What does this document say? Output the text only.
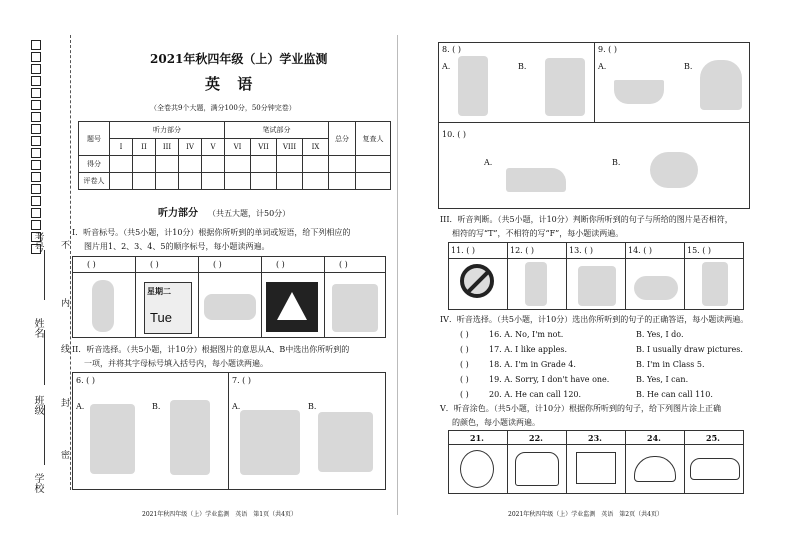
考号
姓名
班级
学校
不
内
线
封
密
2021年秋四年级（上）学业监测
英 语
（全卷共9个大题，满分100分，50分钟完卷）
题号	听力部分					笔试部分				总分	复查人
	I	II	III	IV	V	VI	VII	VIII	IX		
得分											
评卷人											
听力部分 （共五大题，计50分）
I．听音标号。（共5小题，计10分）根据你所听到的单词或短语，给下列相应的
图片用1、2、3、4、5的顺序标号，每小题读两遍。
( )	( )	( )	( )	( )
星期二
Tue
II．听音选择。（共5小题，计10分）根据图片的意思从A、B中选出你所听到的
一项，并将其字母标号填入括号内，每小题读两遍。
6. ( )	7. ( )
A.	B.	A.	B.
2021年秋四年级（上）学业监测　英语　第1页（共4页）
8. ( )	9. ( )
A.	B.	A.	B.
10. ( )
A.	B.
III．听音判断。（共5小题，计10分）判断你所听到的句子与所给的图片是否相符，
相符的写“T”，不相符的写“F”，每小题读两遍。
11. ( )	12. ( )	13. ( )	14. ( )	15. ( )
IV．听音选择。（共5小题，计10分）选出你所听到的句子的正确答语，每小题读两遍。
( )	16. A. No, I'm not.	B. Yes, I do.
( )	17. A. I like apples.	B. I usually draw pictures.
( )	18. A. I'm in Grade 4.	B. I'm in Class 5.
( )	19. A. Sorry, I don't have one.	B. Yes, I can.
( )	20. A. He can call 120.	B. He can call 110.
V．听音涂色。（共5小题，计10分）根据你所听到的句子，给下列图片涂上正确
的颜色，每小题读两遍。
21.	22.	23.	24.	25.
2021年秋四年级（上）学业监测　英语　第2页（共4页）
